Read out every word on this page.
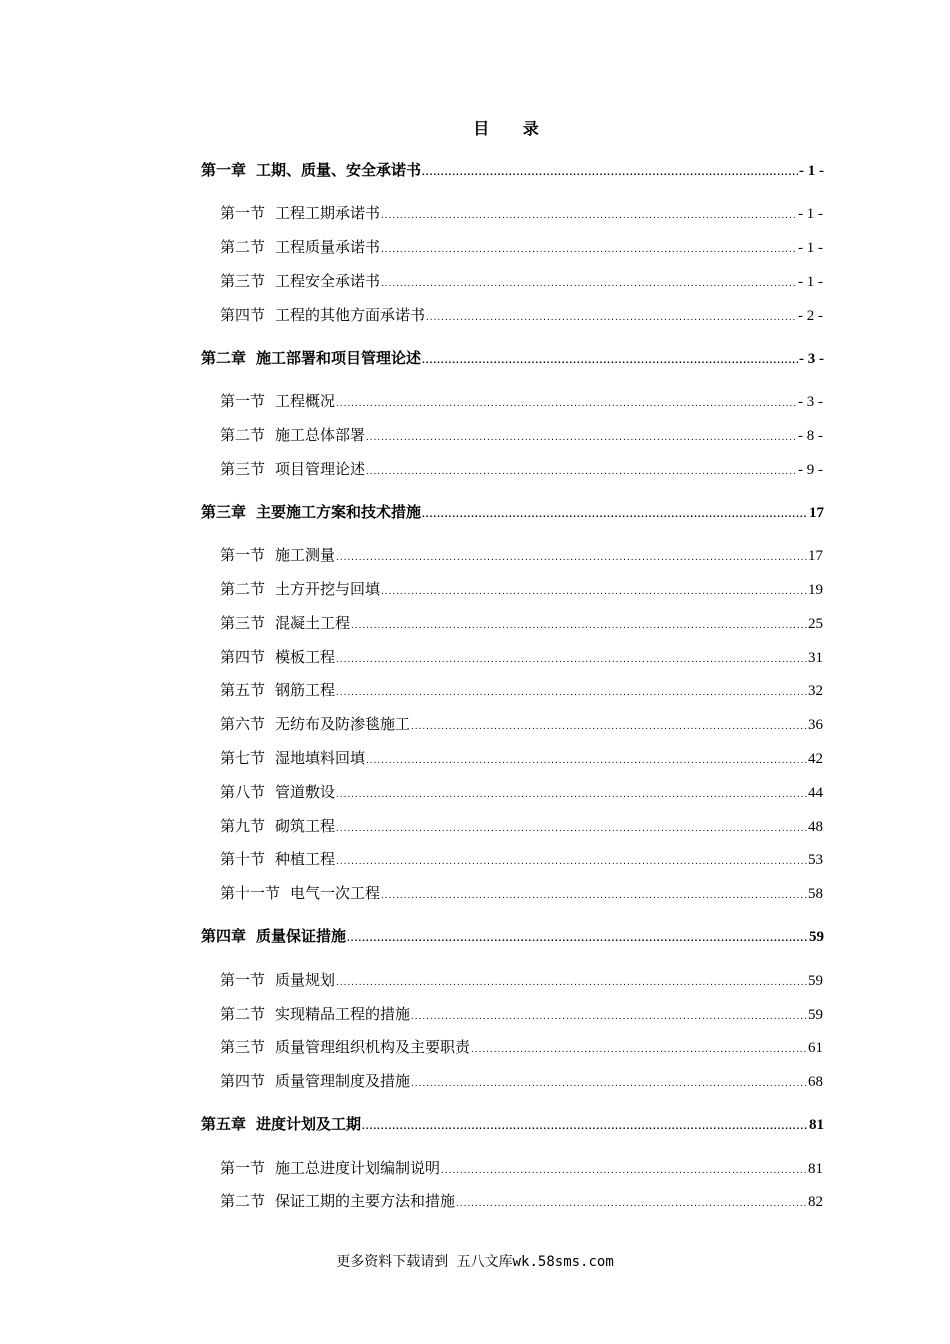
目 录
第一章 工期、质量、安全承诺书 .....	- 1 -
第一节 工程工期承诺书 .....	- 1 -
第二节 工程质量承诺书 .....	- 1 -
第三节 工程安全承诺书 .....	- 1 -
第四节 工程的其他方面承诺书 .....	- 2 -
第二章 施工部署和项目管理论述 .....	- 3 -
第一节 工程概况 .....	- 3 -
第二节 施工总体部署 .....	- 8 -
第三节 项目管理论述 .....	- 9 -
第三章 主要施工方案和技术措施 .....	17
第一节 施工测量 .....	17
第二节 土方开挖与回填 .....	19
第三节 混凝土工程 .....	25
第四节 模板工程 .....	31
第五节 钢筋工程 .....	32
第六节 无纺布及防渗毯施工 .....	36
第七节 湿地填料回填 .....	42
第八节 管道敷设 .....	44
第九节 砌筑工程 .....	48
第十节 种植工程 .....	53
第十一节 电气一次工程 .....	58
第四章 质量保证措施 .....	59
第一节 质量规划 .....	59
第二节 实现精品工程的措施 .....	59
第三节 质量管理组织机构及主要职责 .....	61
第四节 质量管理制度及措施 .....	68
第五章 进度计划及工期 .....	81
第一节 施工总进度计划编制说明 .....	81
第二节 保证工期的主要方法和措施 .....	82
更多资料下载请到 五八文库wk.58sms.com
